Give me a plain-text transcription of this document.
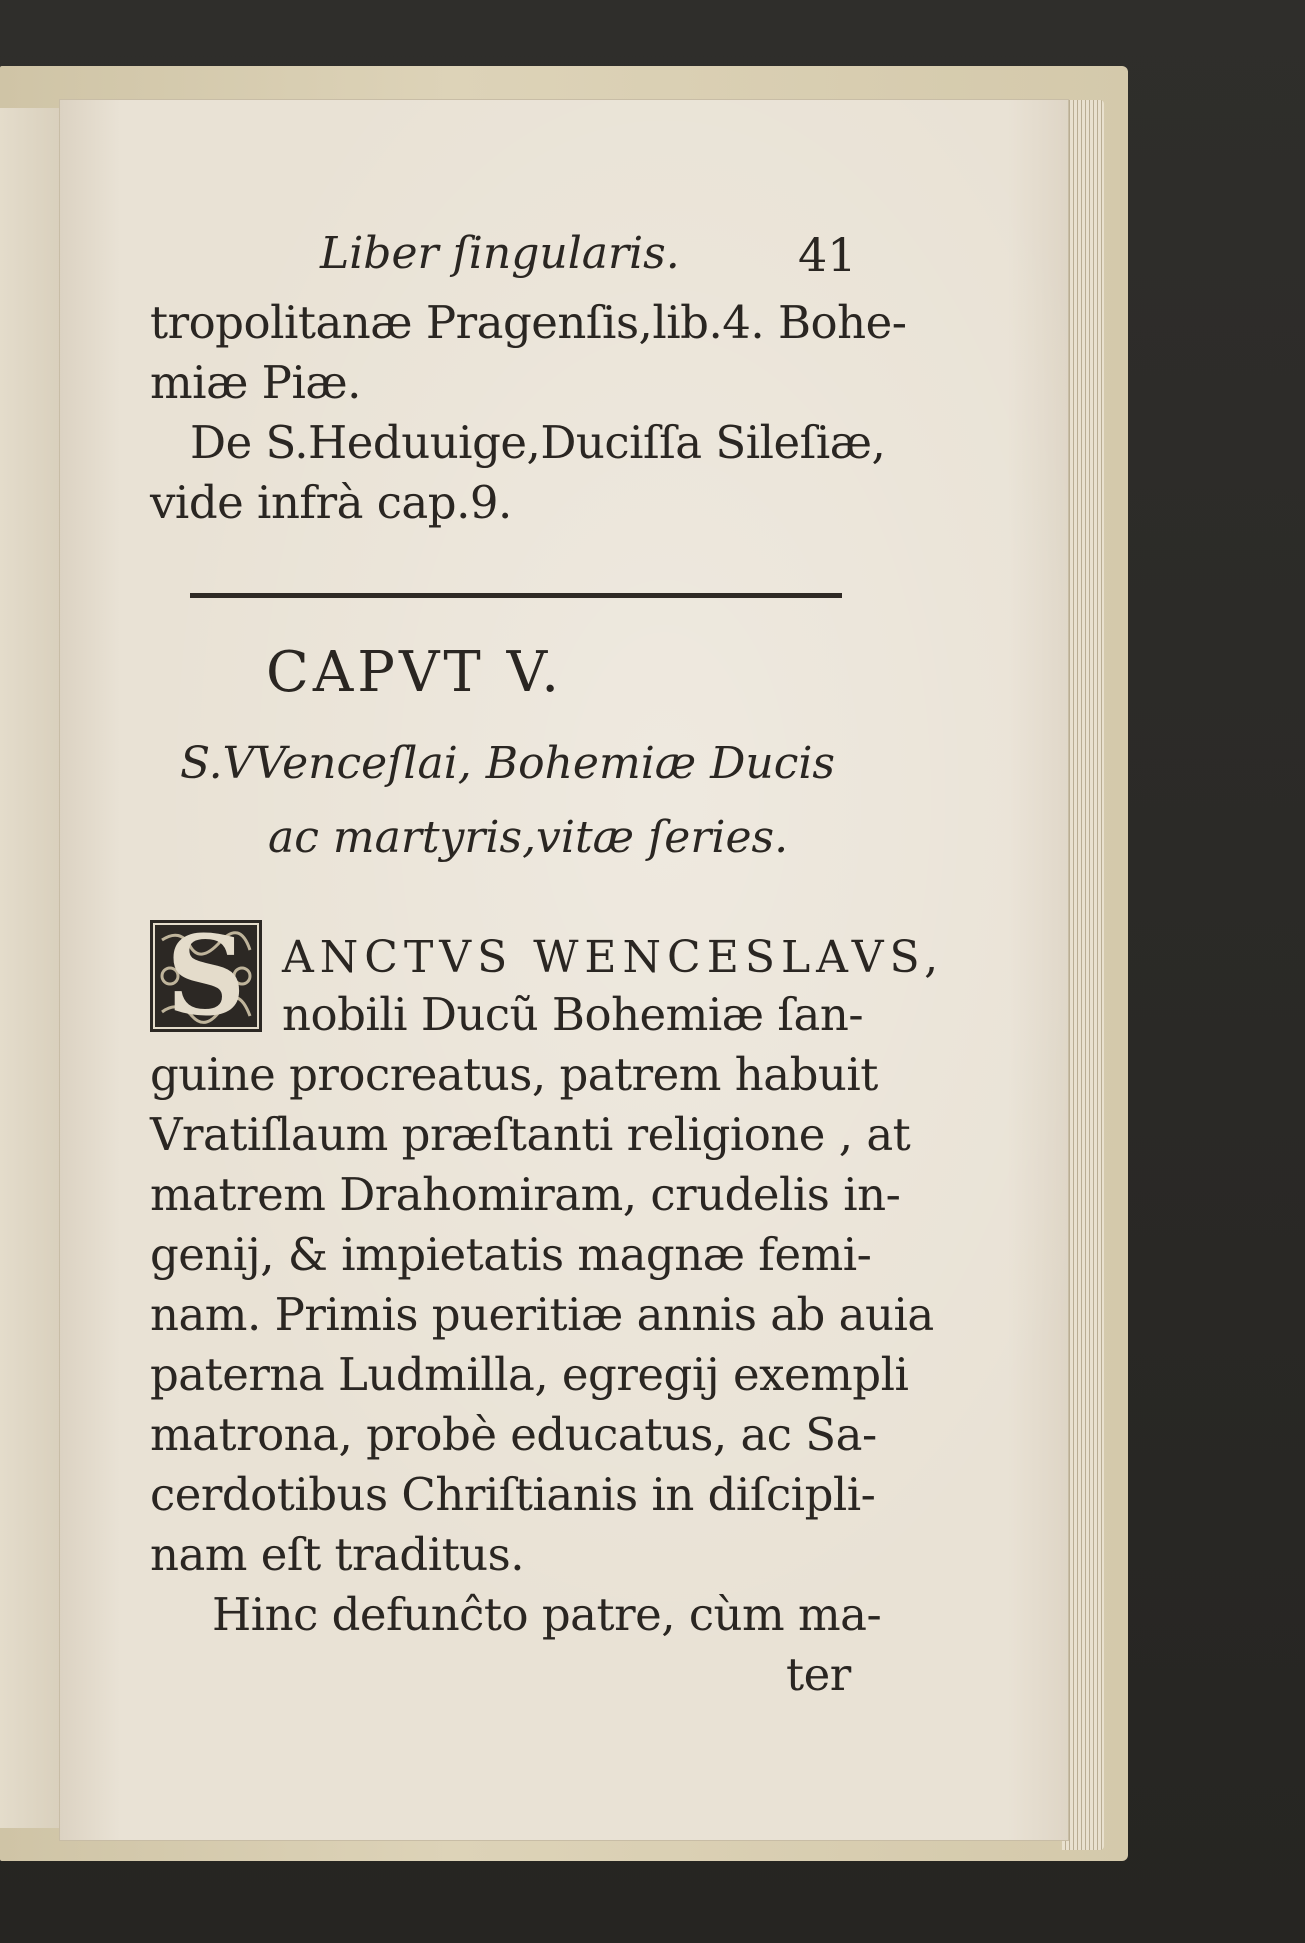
Liber ſingularis.	41

tropolitanæ Pragenſis,lib.4. Bohe-

miæ Piæ.

De S.Heduuige,Duciſſa Sileſiæ,

vide infrà cap.9.

CAPVT V.

S.VVenceſlai, Bohemiæ Ducis

ac martyris,vitæ ſeries.

S ANCTVS WENCESLAVS,

nobili Ducũ Bohemiæ ſan-

guine procreatus, patrem habuit

Vratiſlaum præſtanti religione , at

matrem Drahomiram, crudelis in-

genij, & impietatis magnæ femi-

nam. Primis pueritiæ annis ab auia

paterna Ludmilla, egregij exempli

matrona, probè educatus, ac Sa-

cerdotibus Chriſtianis in diſcipli-

nam eſt traditus.

Hinc defunĉto patre, cùm ma-

ter
